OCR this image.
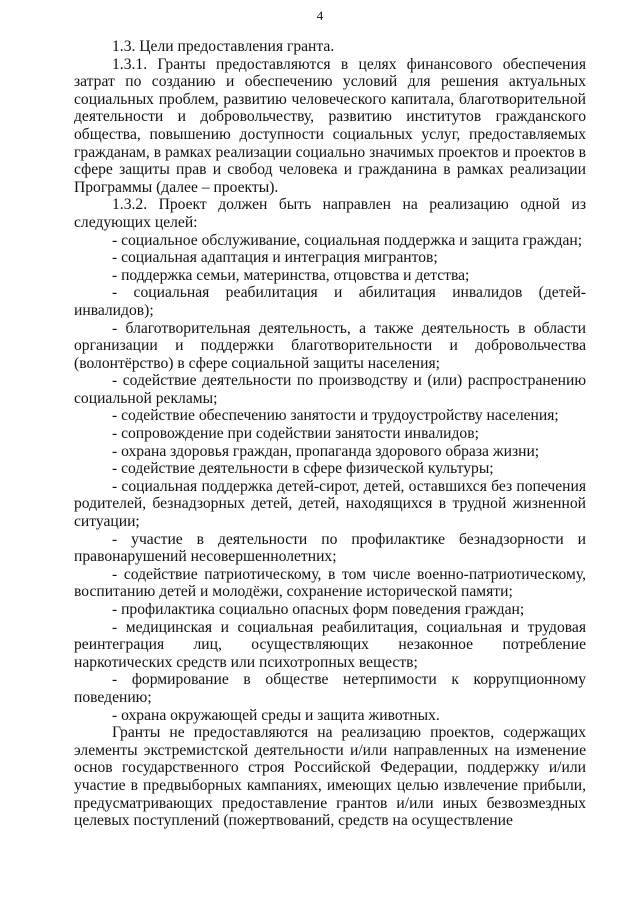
4

1.3. Цели предоставления гранта.

1.3.1. Гранты предоставляются в целях финансового обеспечения затрат по созданию и обеспечению условий для решения актуальных социальных проблем, развитию человеческого капитала, благотворительной деятельности и добровольчеству, развитию институтов гражданского общества, повышению доступности социальных услуг, предоставляемых гражданам, в рамках реализации социально значимых проектов и проектов в сфере защиты прав и свобод человека и гражданина в рамках реализации Программы (далее – проекты).

1.3.2. Проект должен быть направлен на реализацию одной из следующих целей:

- социальное обслуживание, социальная поддержка и защита граждан;

- социальная адаптация и интеграция мигрантов;

- поддержка семьи, материнства, отцовства и детства;

- социальная реабилитация и абилитация инвалидов (детей-инвалидов);

- благотворительная деятельность, а также деятельность в области организации и поддержки благотворительности и добровольчества (волонтёрство) в сфере социальной защиты населения;

- содействие деятельности по производству и (или) распространению социальной рекламы;

- содействие обеспечению занятости и трудоустройству населения;

- сопровождение при содействии занятости инвалидов;

- охрана здоровья граждан, пропаганда здорового образа жизни;

- содействие деятельности в сфере физической культуры;

- социальная поддержка детей-сирот, детей, оставшихся без попечения родителей, безнадзорных детей, детей, находящихся в трудной жизненной ситуации;

- участие в деятельности по профилактике безнадзорности и правонарушений несовершеннолетних;

- содействие патриотическому, в том числе военно-патриотическому, воспитанию детей и молодёжи, сохранение исторической памяти;

- профилактика социально опасных форм поведения граждан;

- медицинская и социальная реабилитация, социальная и трудовая реинтеграция лиц, осуществляющих незаконное потребление наркотических средств или психотропных веществ;

- формирование в обществе нетерпимости к коррупционному поведению;

- охрана окружающей среды и защита животных.

Гранты не предоставляются на реализацию проектов, содержащих элементы экстремистской деятельности и/или направленных на изменение основ государственного строя Российской Федерации, поддержку и/или участие в предвыборных кампаниях, имеющих целью извлечение прибыли, предусматривающих предоставление грантов и/или иных безвозмездных целевых поступлений (пожертвований, средств на осуществление
